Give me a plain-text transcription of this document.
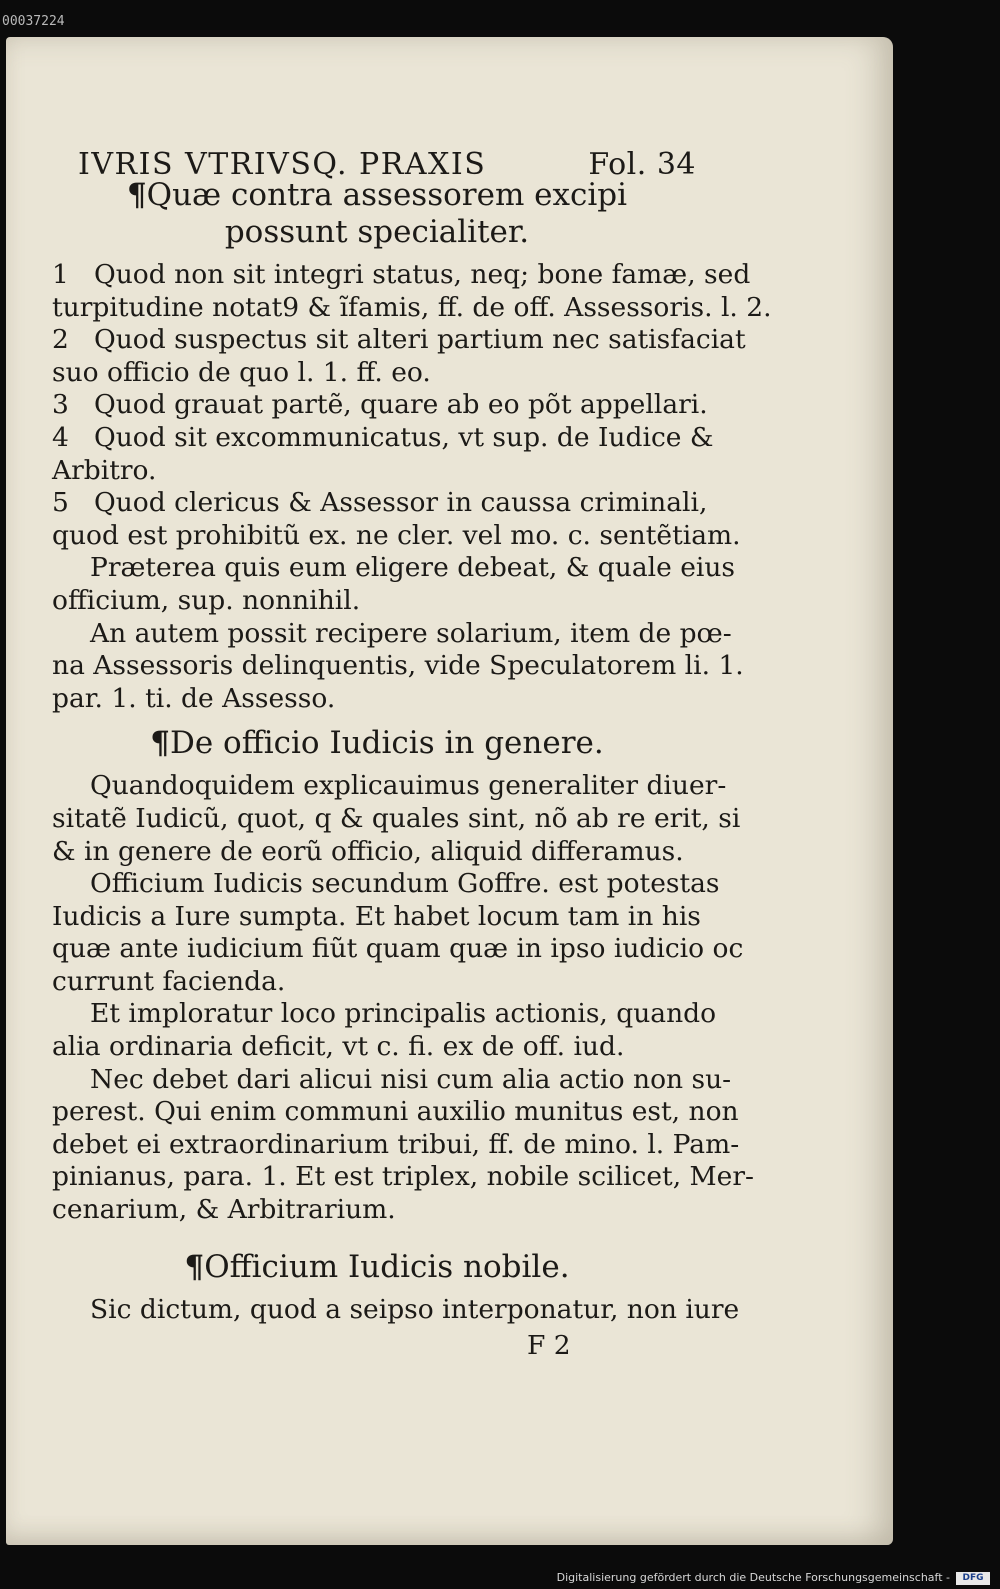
00037224
IVRIS VTRIVSQ. PRAXIS	Fol. 34
¶Quæ contra assessorem excipi
possunt specialiter.
1 Quod non sit integri status, neq; bone famæ, sed
turpitudine notat9 & ĩfamis, ff. de off. Assessoris. l. 2.
2 Quod suspectus sit alteri partium nec satisfaciat
suo officio de quo l. 1. ff. eo.
3 Quod grauat partẽ, quare ab eo põt appellari.
4 Quod sit excommunicatus, vt sup. de Iudice &
Arbitro.
5 Quod clericus & Assessor in caussa criminali,
quod est prohibitũ ex. ne cler. vel mo. c. sentẽtiam.
Præterea quis eum eligere debeat, & quale eius
officium, sup. nonnihil.
An autem possit recipere solarium, item de pœ-
na Assessoris delinquentis, vide Speculatorem li. 1.
par. 1. ti. de Assesso.
¶De officio Iudicis in genere.
Quandoquidem explicauimus generaliter diuer-
sitatẽ Iudicũ, quot, q & quales sint, nõ ab re erit, si
& in genere de eorũ officio, aliquid differamus.
Officium Iudicis secundum Goffre. est potestas
Iudicis a Iure sumpta. Et habet locum tam in his
quæ ante iudicium fiũt quam quæ in ipso iudicio oc
currunt facienda.
Et imploratur loco principalis actionis, quando
alia ordinaria deficit, vt c. fi. ex de off. iud.
Nec debet dari alicui nisi cum alia actio non su-
perest. Qui enim communi auxilio munitus est, non
debet ei extraordinarium tribui, ff. de mino. l. Pam-
pinianus, para. 1. Et est triplex, nobile scilicet, Mer-
cenarium, & Arbitrarium.
¶Officium Iudicis nobile.
Sic dictum, quod a seipso interponatur, non iure
F 2
Digitalisierung gefördert durch die Deutsche Forschungsgemeinschaft -	DFG
